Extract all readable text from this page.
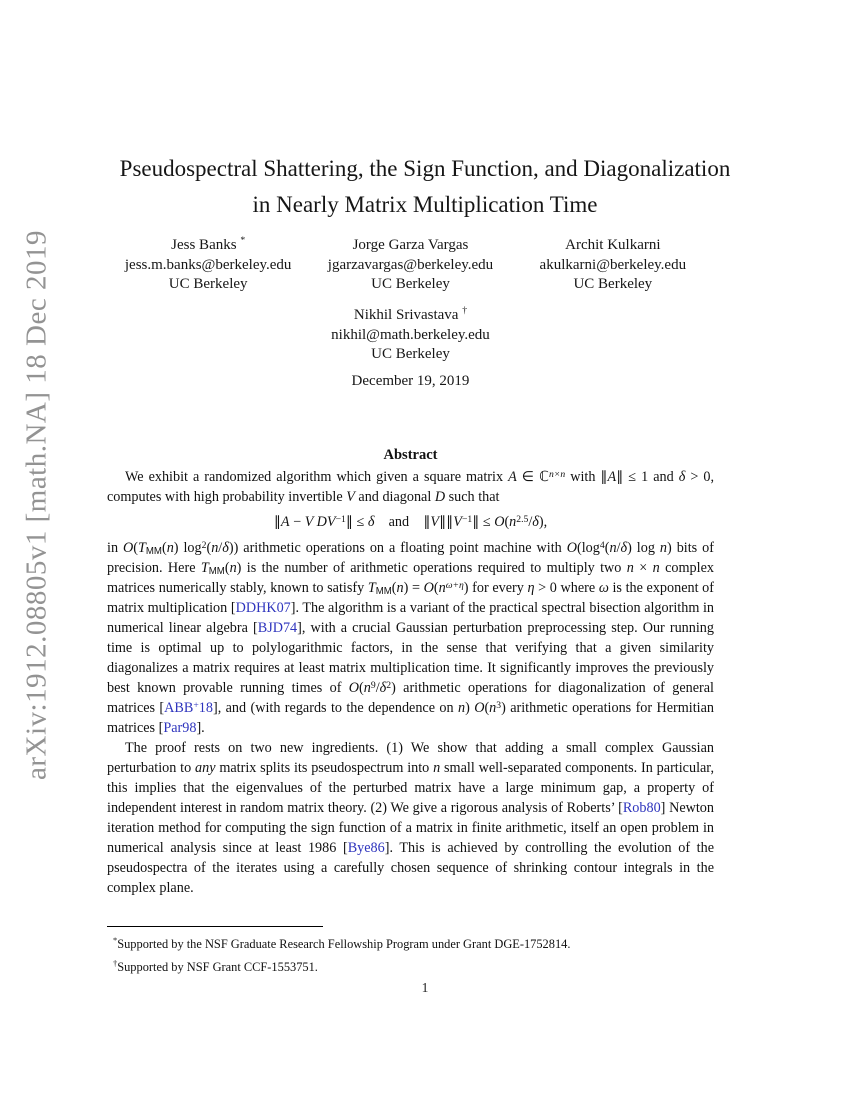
arXiv:1912.08805v1 [math.NA] 18 Dec 2019
Pseudospectral Shattering, the Sign Function, and Diagonalization
in Nearly Matrix Multiplication Time
Jess Banks *
jess.m.banks@berkeley.edu
UC Berkeley
Jorge Garza Vargas
jgarzavargas@berkeley.edu
UC Berkeley
Archit Kulkarni
akulkarni@berkeley.edu
UC Berkeley
Nikhil Srivastava †
nikhil@math.berkeley.edu
UC Berkeley
December 19, 2019
Abstract

We exhibit a randomized algorithm which given a square matrix A ∈ ℂ$^{n\times n}$ with ∥A∥ ≤ 1 and δ > 0, computes with high probability invertible V and diagonal D such that

∥A − V $DV^{-1}\parallel \le \delta$ and $\parallel V\parallel\parallel V^{-1}\parallel \le O(n^{2.5}/\delta)$,

in O(TMM(n) $\log^2(n/\delta)$) arithmetic operations on a floating point machine with $O(\log^4(n/\delta)$ log n) bits of precision. Here TMM(n) is the number of arithmetic operations required to multiply two n × n complex matrices numerically stably, known to satisfy $TMM(n) = O(n^{\omega+\eta})$ for every η > 0 where ω is the exponent of matrix multiplication [DDHK07]. The algorithm is a variant of the practical spectral bisection algorithm in numerical linear algebra [BJD74], with a crucial Gaussian perturbation preprocessing step. Our running time is optimal up to polylogarithmic factors, in the sense that verifying that a given similarity diagonalizes a matrix requires at least matrix multiplication time. It significantly improves the previously best known provable running times of $O(n^9/\delta^2)$ arithmetic operations for diagonalization of general matrices [ABB+18], and (with regards to the dependence on n) $O(n^3)$ arithmetic operations for Hermitian matrices [Par98].

The proof rests on two new ingredients. (1) We show that adding a small complex Gaussian perturbation to any matrix splits its pseudospectrum into n small well-separated components. In particular, this implies that the eigenvalues of the perturbed matrix have a large minimum gap, a property of independent interest in random matrix theory. (2) We give a rigorous analysis of Roberts’ [Rob80] Newton iteration method for computing the sign function of a matrix in finite arithmetic, itself an open problem in numerical analysis since at least 1986 [Bye86]. This is achieved by controlling the evolution of the pseudospectra of the iterates using a carefully chosen sequence of shrinking contour integrals in the complex plane.

*Supported by the NSF Graduate Research Fellowship Program under Grant DGE-1752814.
†Supported by NSF Grant CCF-1553751.
1
